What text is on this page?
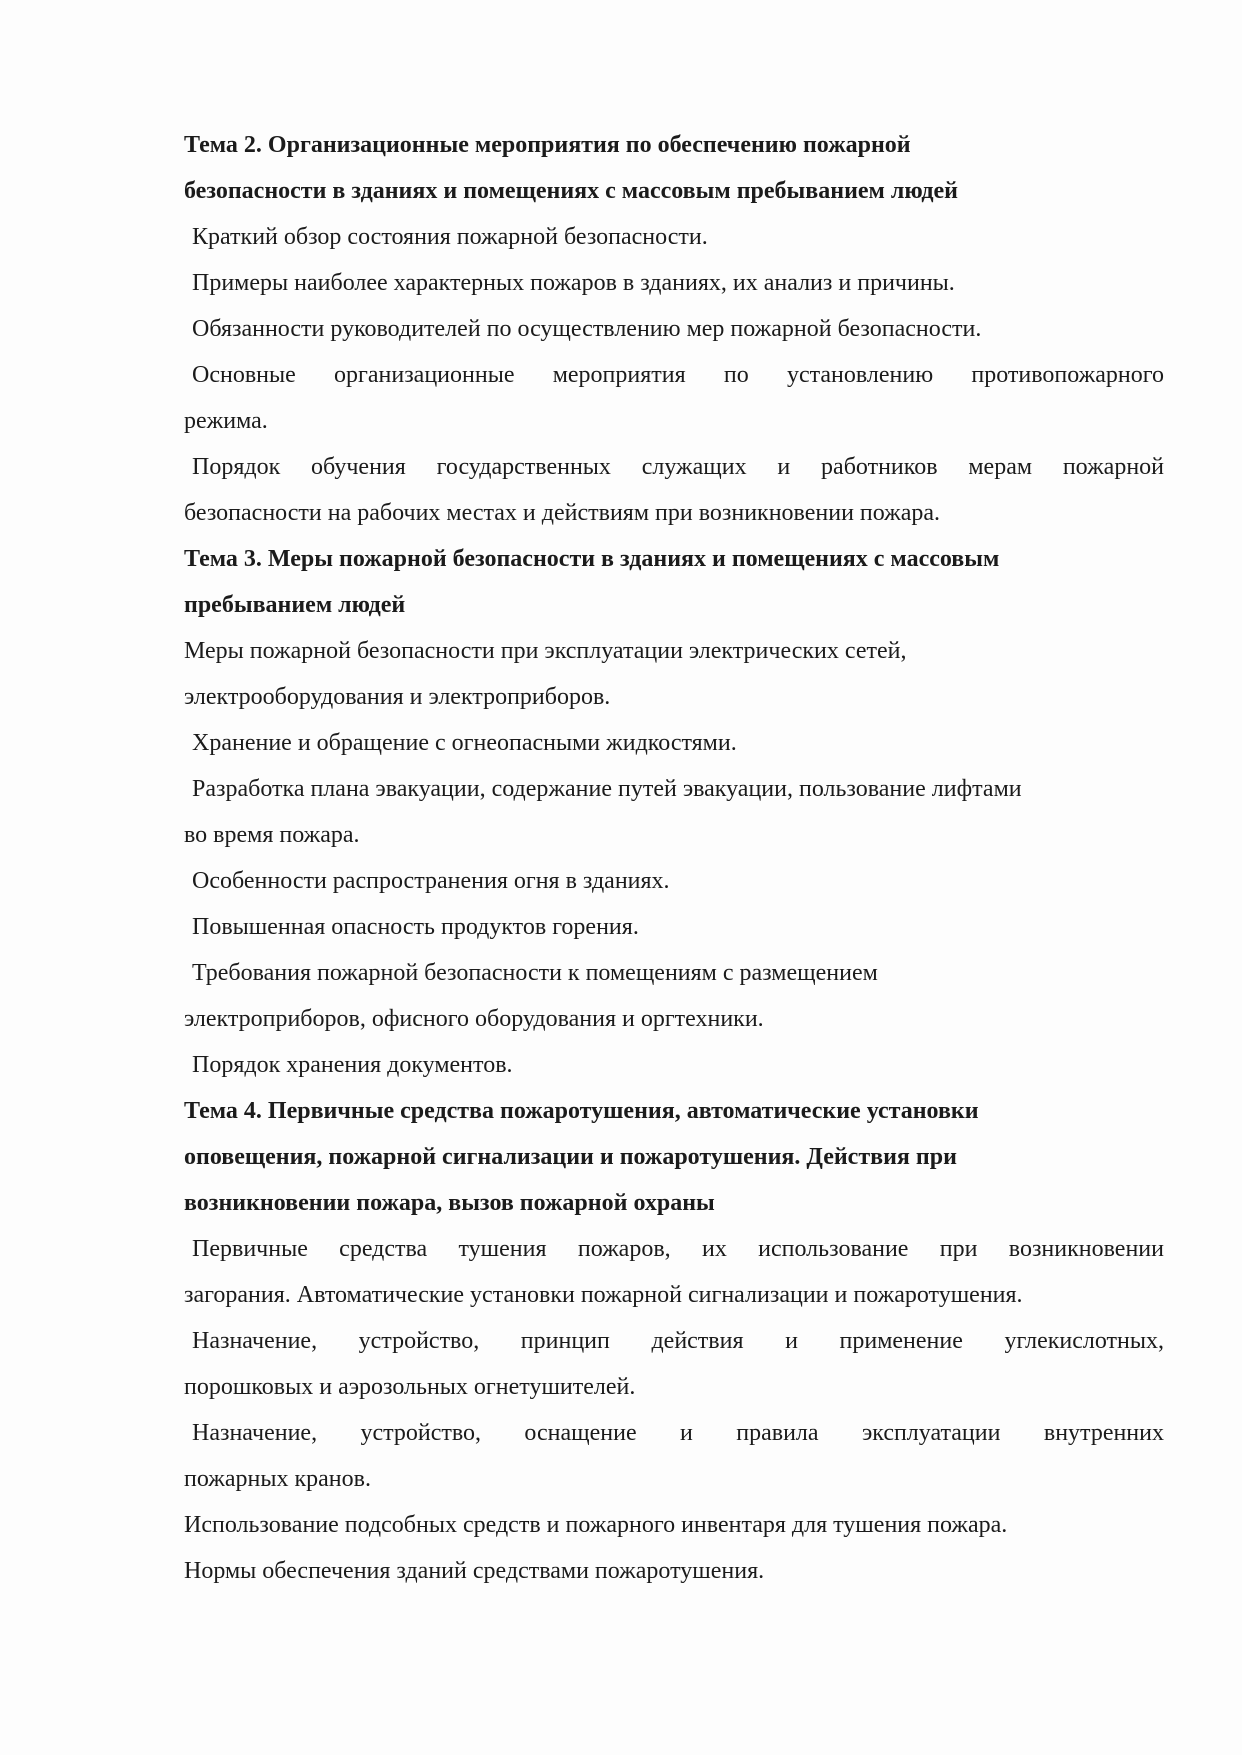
Тема 2. Организационные мероприятия по обеспечению пожарной
безопасности в зданиях и помещениях с массовым пребыванием людей
Краткий обзор состояния пожарной безопасности.
Примеры наиболее характерных пожаров в зданиях, их анализ и причины.
Обязанности руководителей по осуществлению мер пожарной безопасности.
Основные организационные мероприятия по установлению противопожарного
режима.
Порядок обучения государственных служащих и работников мерам пожарной
безопасности на рабочих местах и действиям при возникновении пожара.
Тема 3. Меры пожарной безопасности в зданиях и помещениях с массовым
пребыванием людей
Меры пожарной безопасности при эксплуатации электрических сетей,
электрооборудования и электроприборов.
Хранение и обращение с огнеопасными жидкостями.
Разработка плана эвакуации, содержание путей эвакуации, пользование лифтами
во время пожара.
Особенности распространения огня в зданиях.
Повышенная опасность продуктов горения.
Требования пожарной безопасности к помещениям с размещением
электроприборов, офисного оборудования и оргтехники.
Порядок хранения документов.
Тема 4. Первичные средства пожаротушения, автоматические установки
оповещения, пожарной сигнализации и пожаротушения. Действия при
возникновении пожара, вызов пожарной охраны
Первичные средства тушения пожаров, их использование при возникновении
загорания. Автоматические установки пожарной сигнализации и пожаротушения.
Назначение, устройство, принцип действия и применение углекислотных,
порошковых и аэрозольных огнетушителей.
Назначение, устройство, оснащение и правила эксплуатации внутренних
пожарных кранов.
Использование подсобных средств и пожарного инвентаря для тушения пожара.
Нормы обеспечения зданий средствами пожаротушения.
